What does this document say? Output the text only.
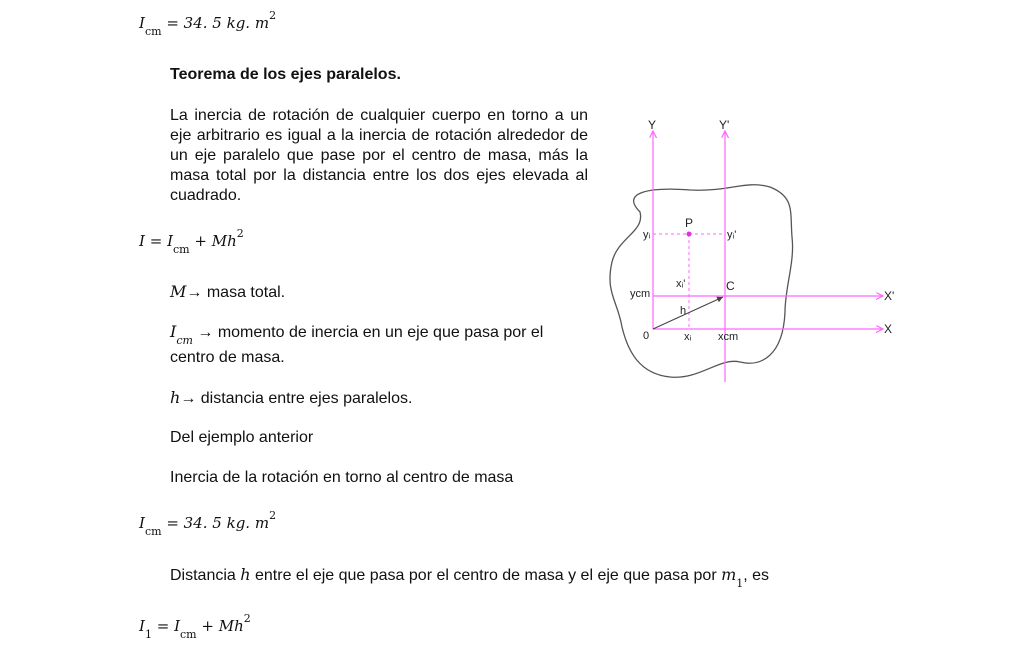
$I_{cm} = 34$. 5 kg. $m^2$
Teorema de los ejes paralelos.
La inercia de rotación de cualquier cuerpo en torno a un eje arbitrario es igual a la inercia de rotación alrededor de un eje paralelo que pase por el centro de masa, más la masa total por la distancia entre los dos ejes elevada al cuadrado.
$I = I_{cm} + Mh^2$
M→ masa total.
$I_{cm}$ → momento de inercia en un eje que pasa por el
centro de masa.
h→ distancia entre ejes paralelos.
Del ejemplo anterior
Inercia de la rotación en torno al centro de masa
$I_{cm} = 34$. 5 kg. $m^2$
Distancia h entre el eje que pasa por el centro de masa y el eje que pasa por $m_1$, es
$I_1 = I_{cm} + Mh^2$
Y	Y'
X
X'
P
C
0
h
yᵢ	yᵢ'
xᵢ
xᵢ'
ycm
xcm
